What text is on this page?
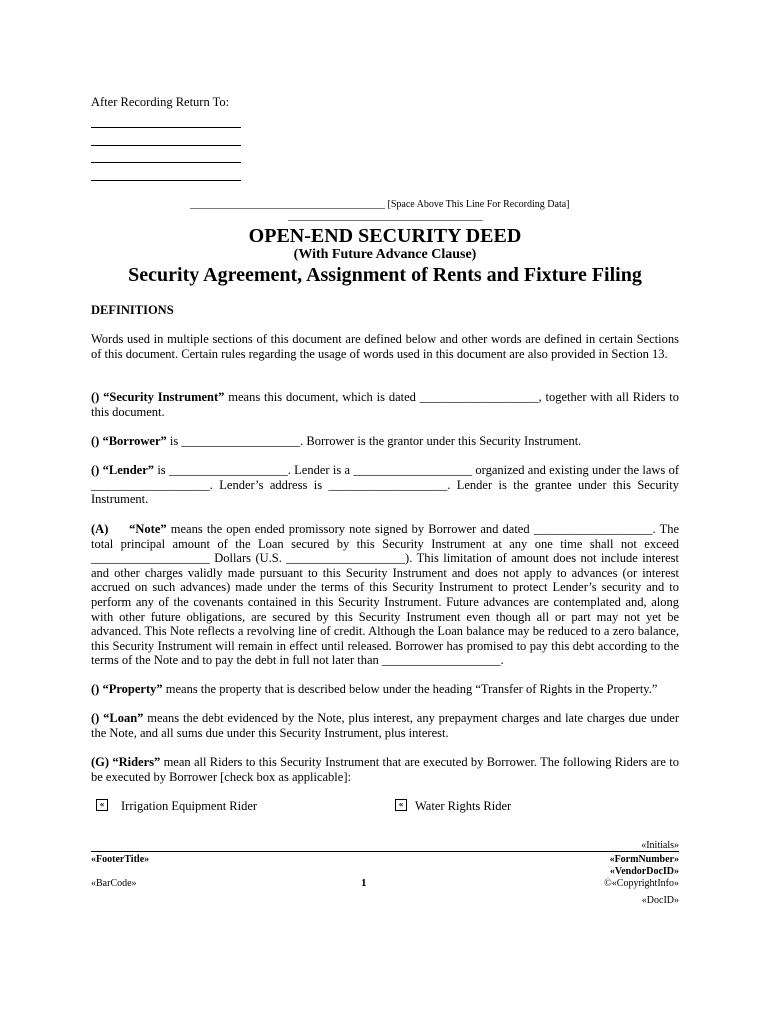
After Recording Return To:
_______________________________________ [Space Above This Line For Recording Data]
_______________________________________
OPEN-END SECURITY DEED
(With Future Advance Clause)
Security Agreement, Assignment of Rents and Fixture Filing
DEFINITIONS
Words used in multiple sections of this document are defined below and other words are defined in certain Sections of this document. Certain rules regarding the usage of words used in this document are also provided in Section 13.
() “Security Instrument” means this document, which is dated ___________________, together with all Riders to this document.
() “Borrower” is ___________________. Borrower is the grantor under this Security Instrument.
() “Lender” is ___________________. Lender is a ___________________ organized and existing under the laws of ___________________. Lender’s address is ___________________. Lender is the grantee under this Security Instrument.
(A)     “Note” means the open ended promissory note signed by Borrower and dated ___________________. The total principal amount of the Loan secured by this Security Instrument at any one time shall not exceed ___________________ Dollars (U.S. ___________________). This limitation of amount does not include interest and other charges validly made pursuant to this Security Instrument and does not apply to advances (or interest accrued on such advances) made under the terms of this Security Instrument to protect Lender’s security and to perform any of the covenants contained in this Security Instrument. Future advances are contemplated and, along with other future obligations, are secured by this Security Instrument even though all or part may not yet be advanced. This Note reflects a revolving line of credit. Although the Loan balance may be reduced to a zero balance, this Security Instrument will remain in effect until released. Borrower has promised to pay this debt according to the terms of the Note and to pay the debt in full not later than ___________________.
() “Property” means the property that is described below under the heading “Transfer of Rights in the Property.”
() “Loan” means the debt evidenced by the Note, plus interest, any prepayment charges and late charges due under the Note, and all sums due under this Security Instrument, plus interest.
(G) “Riders” mean all Riders to this Security Instrument that are executed by Borrower. The following Riders are to be executed by Borrower [check box as applicable]:
«	Irrigation Equipment Rider	« Water Rights Rider
«Initials»
«FooterTitle»	«FormNumber»
«VendorDocID»
«BarCode»	1	©«CopyrightInfo»
«DocID»
